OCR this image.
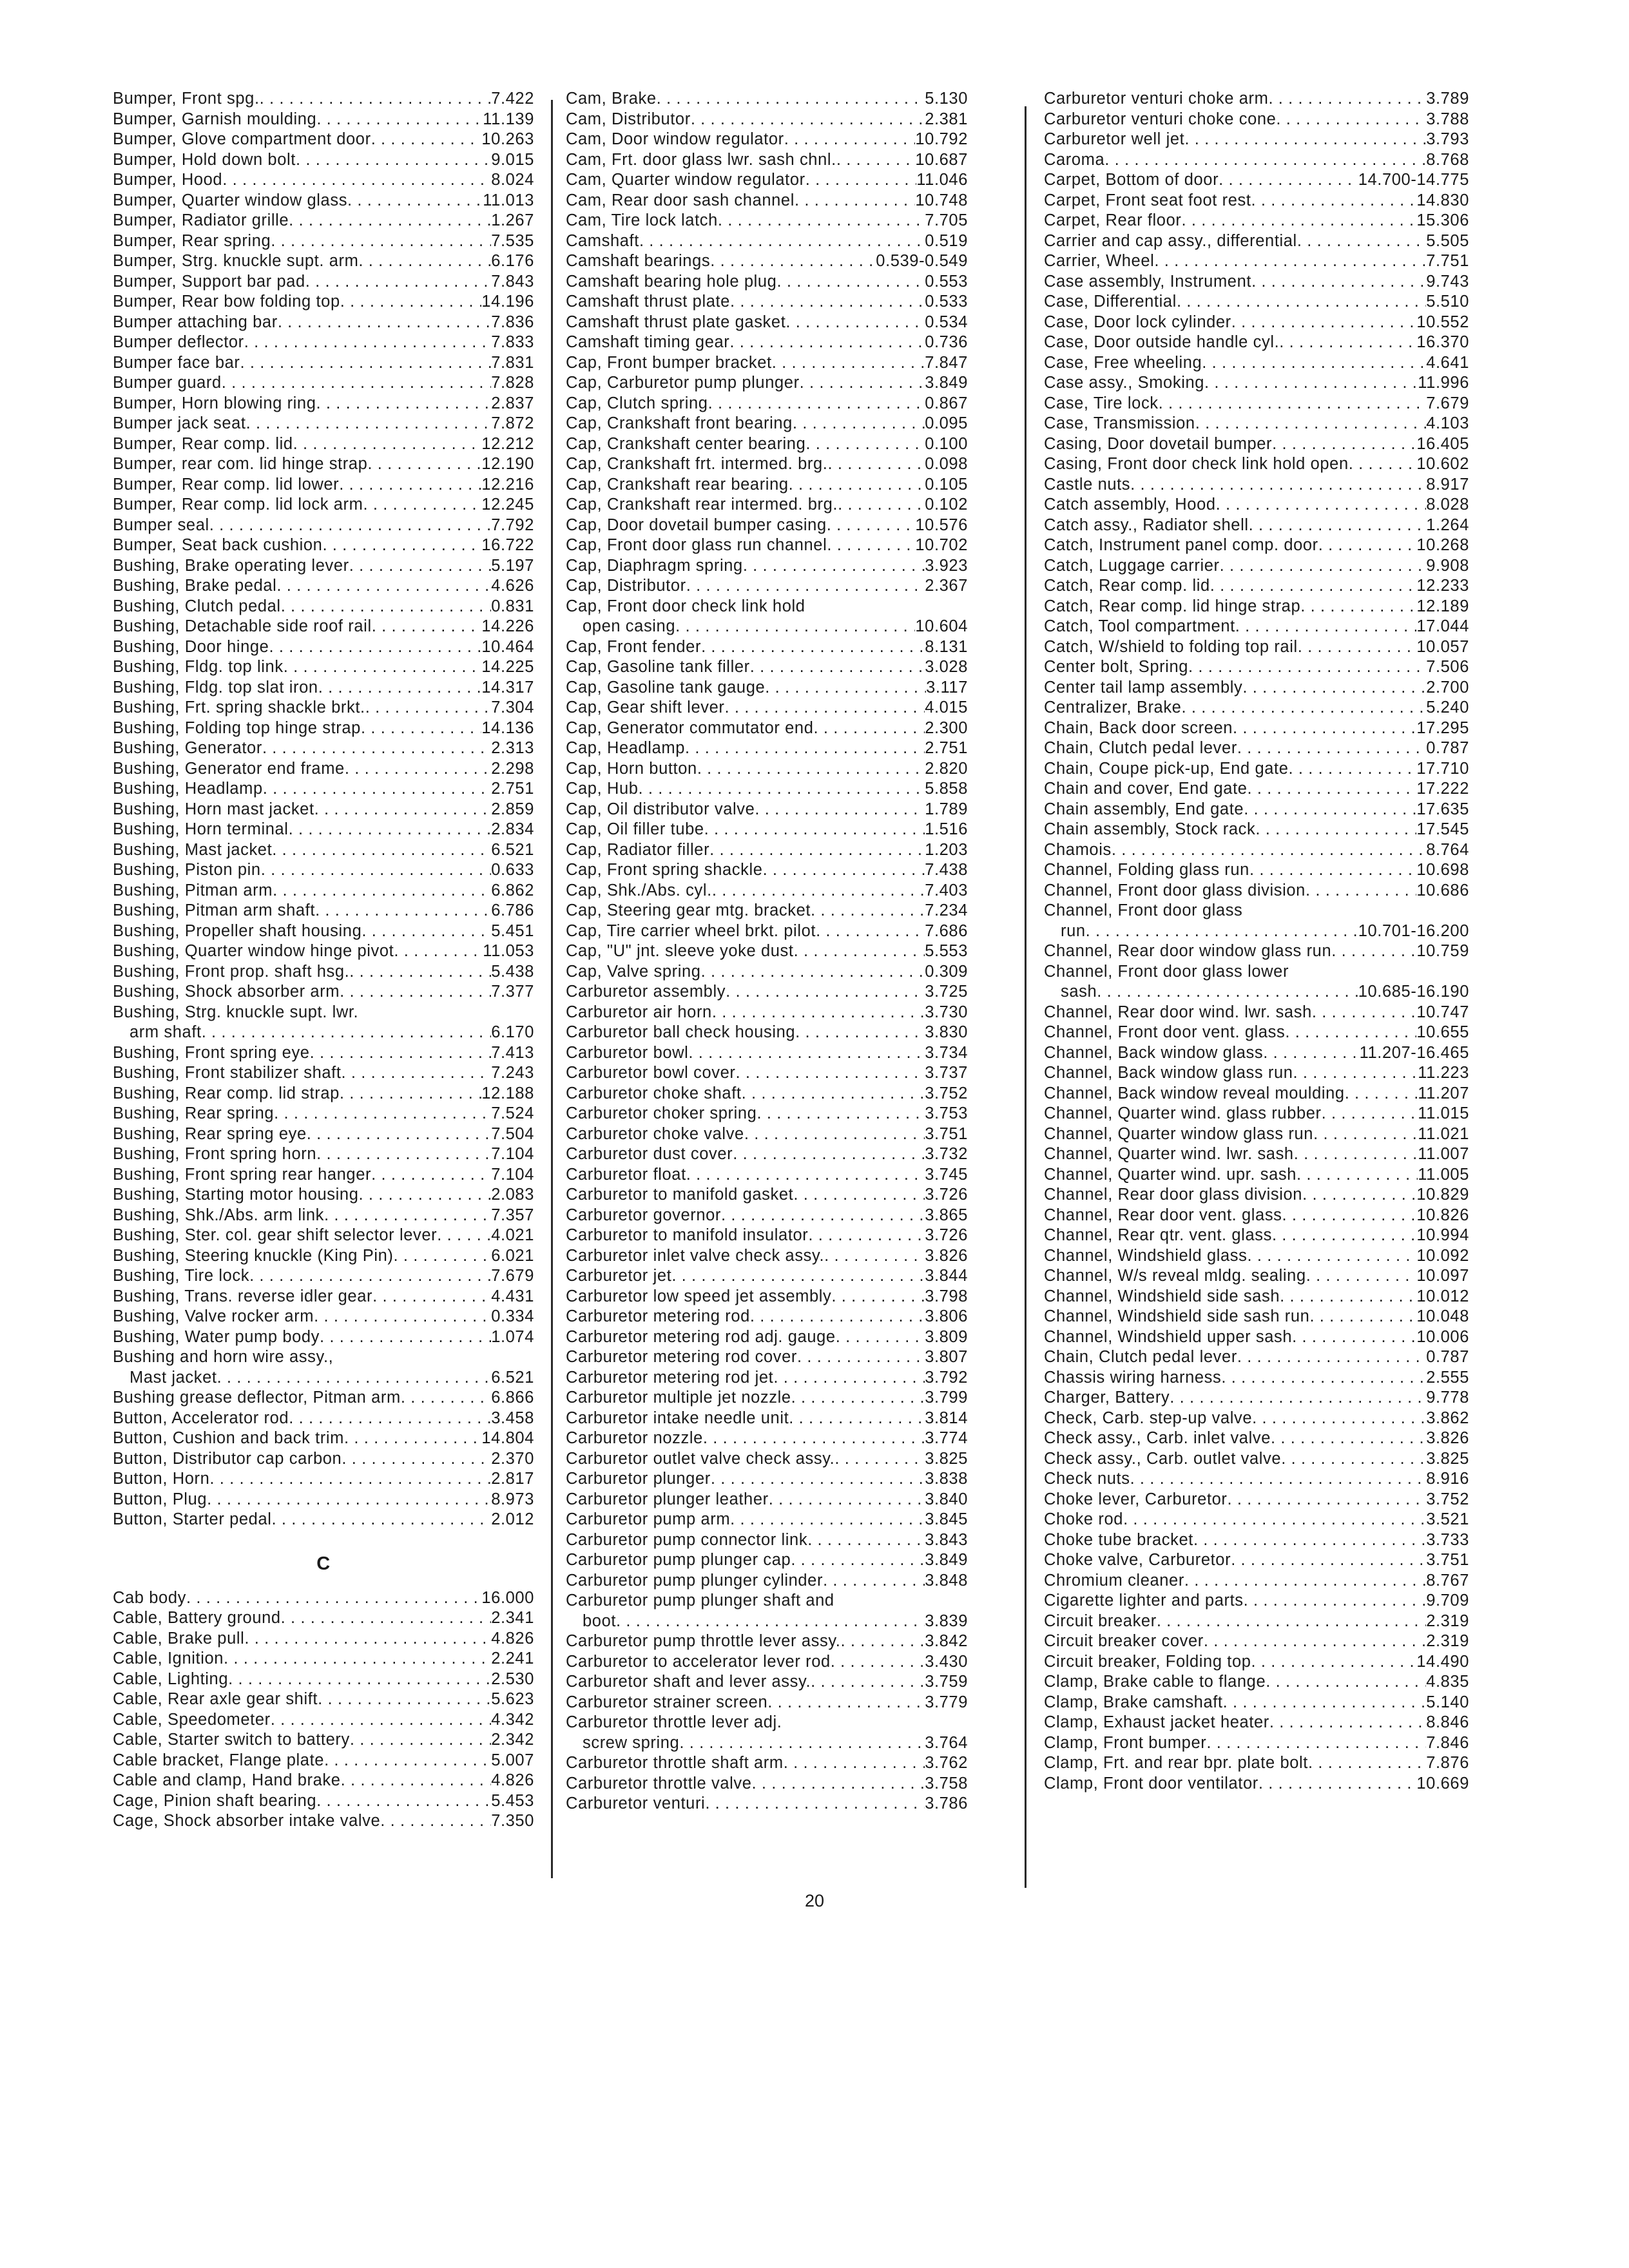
Bumper, Front spg. . . .	7.422
Bumper, Garnish moulding . . .	11.139
Bumper, Glove compartment door . . .	10.263
Bumper, Hold down bolt . . .	9.015
Bumper, Hood . . .	8.024
Bumper, Quarter window glass . . .	11.013
Bumper, Radiator grille . . .	1.267
Bumper, Rear spring . . .	7.535
Bumper, Strg. knuckle supt. arm . . .	6.176
Bumper, Support bar pad . . .	7.843
Bumper, Rear bow folding top . . .	14.196
Bumper attaching bar . . .	7.836
Bumper deflector . . .	7.833
Bumper face bar . . .	7.831
Bumper guard . . .	7.828
Bumper, Horn blowing ring . . .	2.837
Bumper jack seat . . .	7.872
Bumper, Rear comp. lid . . .	12.212
Bumper, rear com. lid hinge strap . . .	12.190
Bumper, Rear comp. lid lower . . .	12.216
Bumper, Rear comp. lid lock arm . . .	12.245
Bumper seal . . .	7.792
Bumper, Seat back cushion . . .	16.722
Bushing, Brake operating lever . . .	5.197
Bushing, Brake pedal . . .	4.626
Bushing, Clutch pedal . . .	0.831
Bushing, Detachable side roof rail . . .	14.226
Bushing, Door hinge . . .	10.464
Bushing, Fldg. top link . . .	14.225
Bushing, Fldg. top slat iron . . .	14.317
Bushing, Frt. spring shackle brkt. . . .	7.304
Bushing, Folding top hinge strap . . .	14.136
Bushing, Generator . . .	2.313
Bushing, Generator end frame . . .	2.298
Bushing, Headlamp . . .	2.751
Bushing, Horn mast jacket . . .	2.859
Bushing, Horn terminal . . .	2.834
Bushing, Mast jacket . . .	6.521
Bushing, Piston pin . . .	0.633
Bushing, Pitman arm . . .	6.862
Bushing, Pitman arm shaft . . .	6.786
Bushing, Propeller shaft housing . . .	5.451
Bushing, Quarter window hinge pivot . . .	11.053
Bushing, Front prop. shaft hsg. . . .	5.438
Bushing, Shock absorber arm . . .	7.377
Bushing, Strg. knuckle supt. lwr.
arm shaft . . .	6.170
Bushing, Front spring eye . . .	7.413
Bushing, Front stabilizer shaft . . .	7.243
Bushing, Rear comp. lid strap . . .	12.188
Bushing, Rear spring . . .	7.524
Bushing, Rear spring eye . . .	7.504
Bushing, Front spring horn . . .	7.104
Bushing, Front spring rear hanger . . .	7.104
Bushing, Starting motor housing . . .	2.083
Bushing, Shk./Abs. arm link . . .	7.357
Bushing, Ster. col. gear shift selector lever . . .	4.021
Bushing, Steering knuckle (King Pin) . . .	6.021
Bushing, Tire lock . . .	7.679
Bushing, Trans. reverse idler gear . . .	4.431
Bushing, Valve rocker arm . . .	0.334
Bushing, Water pump body . . .	1.074
Bushing and horn wire assy.,
Mast jacket . . .	6.521
Bushing grease deflector, Pitman arm . . .	6.866
Button, Accelerator rod . . .	3.458
Button, Cushion and back trim . . .	14.804
Button, Distributor cap carbon . . .	2.370
Button, Horn . . .	2.817
Button, Plug . . .	8.973
Button, Starter pedal . . .	2.012
C
Cab body . . .	16.000
Cable, Battery ground . . .	2.341
Cable, Brake pull . . .	4.826
Cable, Ignition . . .	2.241
Cable, Lighting . . .	2.530
Cable, Rear axle gear shift . . .	5.623
Cable, Speedometer . . .	4.342
Cable, Starter switch to battery . . .	2.342
Cable bracket, Flange plate . . .	5.007
Cable and clamp, Hand brake . . .	4.826
Cage, Pinion shaft bearing . . .	5.453
Cage, Shock absorber intake valve . . .	7.350
Cam, Brake . . .	5.130
Cam, Distributor . . .	2.381
Cam, Door window regulator . . .	10.792
Cam, Frt. door glass lwr. sash chnl. . . .	10.687
Cam, Quarter window regulator . . .	11.046
Cam, Rear door sash channel . . .	10.748
Cam, Tire lock latch . . .	7.705
Camshaft . . .	0.519
Camshaft bearings . . .	0.539-0.549
Camshaft bearing hole plug . . .	0.553
Camshaft thrust plate . . .	0.533
Camshaft thrust plate gasket . . .	0.534
Camshaft timing gear . . .	0.736
Cap, Front bumper bracket . . .	7.847
Cap, Carburetor pump plunger . . .	3.849
Cap, Clutch spring . . .	0.867
Cap, Crankshaft front bearing . . .	0.095
Cap, Crankshaft center bearing . . .	0.100
Cap, Crankshaft frt. intermed. brg. . . .	0.098
Cap, Crankshaft rear bearing . . .	0.105
Cap, Crankshaft rear intermed. brg. . . .	0.102
Cap, Door dovetail bumper casing . . .	10.576
Cap, Front door glass run channel . . .	10.702
Cap, Diaphragm spring . . .	3.923
Cap, Distributor . . .	2.367
Cap, Front door check link hold
open casing . . .	10.604
Cap, Front fender . . .	8.131
Cap, Gasoline tank filler . . .	3.028
Cap, Gasoline tank gauge . . .	3.117
Cap, Gear shift lever . . .	4.015
Cap, Generator commutator end . . .	2.300
Cap, Headlamp . . .	2.751
Cap, Horn button . . .	2.820
Cap, Hub . . .	5.858
Cap, Oil distributor valve . . .	1.789
Cap, Oil filler tube . . .	1.516
Cap, Radiator filler . . .	1.203
Cap, Front spring shackle . . .	7.438
Cap, Shk./Abs. cyl. . . .	7.403
Cap, Steering gear mtg. bracket . . .	7.234
Cap, Tire carrier wheel brkt. pilot . . .	7.686
Cap, "U" jnt. sleeve yoke dust . . .	5.553
Cap, Valve spring . . .	0.309
Carburetor assembly . . .	3.725
Carburetor air horn . . .	3.730
Carburetor ball check housing . . .	3.830
Carburetor bowl . . .	3.734
Carburetor bowl cover . . .	3.737
Carburetor choke shaft . . .	3.752
Carburetor choker spring . . .	3.753
Carburetor choke valve . . .	3.751
Carburetor dust cover . . .	3.732
Carburetor float . . .	3.745
Carburetor to manifold gasket . . .	3.726
Carburetor governor . . .	3.865
Carburetor to manifold insulator . . .	3.726
Carburetor inlet valve check assy. . . .	3.826
Carburetor jet . . .	3.844
Carburetor low speed jet assembly . . .	3.798
Carburetor metering rod . . .	3.806
Carburetor metering rod adj. gauge . . .	3.809
Carburetor metering rod cover . . .	3.807
Carburetor metering rod jet . . .	3.792
Carburetor multiple jet nozzle . . .	3.799
Carburetor intake needle unit . . .	3.814
Carburetor nozzle . . .	3.774
Carburetor outlet valve check assy. . . .	3.825
Carburetor plunger . . .	3.838
Carburetor plunger leather . . .	3.840
Carburetor pump arm . . .	3.845
Carburetor pump connector link . . .	3.843
Carburetor pump plunger cap . . .	3.849
Carburetor pump plunger cylinder . . .	3.848
Carburetor pump plunger shaft and
boot . . .	3.839
Carburetor pump throttle lever assy. . . .	3.842
Carburetor to accelerator lever rod . . .	3.430
Carburetor shaft and lever assy. . . .	3.759
Carburetor strainer screen . . .	3.779
Carburetor throttle lever adj.
screw spring . . .	3.764
Carburetor throttle shaft arm . . .	3.762
Carburetor throttle valve . . .	3.758
Carburetor venturi . . .	3.786
Carburetor venturi choke arm . . .	3.789
Carburetor venturi choke cone . . .	3.788
Carburetor well jet . . .	3.793
Caroma . . .	8.768
Carpet, Bottom of door . . .	14.700-14.775
Carpet, Front seat foot rest . . .	14.830
Carpet, Rear floor . . .	15.306
Carrier and cap assy., differential . . .	5.505
Carrier, Wheel . . .	7.751
Case assembly, Instrument . . .	9.743
Case, Differential . . .	5.510
Case, Door lock cylinder . . .	10.552
Case, Door outside handle cyl. . . .	16.370
Case, Free wheeling . . .	4.641
Case assy., Smoking . . .	11.996
Case, Tire lock . . .	7.679
Case, Transmission . . .	4.103
Casing, Door dovetail bumper . . .	16.405
Casing, Front door check link hold open . . .	10.602
Castle nuts . . .	8.917
Catch assembly, Hood . . .	8.028
Catch assy., Radiator shell . . .	1.264
Catch, Instrument panel comp. door . . .	10.268
Catch, Luggage carrier . . .	9.908
Catch, Rear comp. lid . . .	12.233
Catch, Rear comp. lid hinge strap . . .	12.189
Catch, Tool compartment . . .	17.044
Catch, W/shield to folding top rail . . .	10.057
Center bolt, Spring . . .	7.506
Center tail lamp assembly . . .	2.700
Centralizer, Brake . . .	5.240
Chain, Back door screen . . .	17.295
Chain, Clutch pedal lever . . .	0.787
Chain, Coupe pick-up, End gate . . .	17.710
Chain and cover, End gate . . .	17.222
Chain assembly, End gate . . .	17.635
Chain assembly, Stock rack . . .	17.545
Chamois . . .	8.764
Channel, Folding glass run . . .	10.698
Channel, Front door glass division . . .	10.686
Channel, Front door glass
run . . .	10.701-16.200
Channel, Rear door window glass run . . .	10.759
Channel, Front door glass lower
sash . . .	10.685-16.190
Channel, Rear door wind. lwr. sash . . .	10.747
Channel, Front door vent. glass . . .	10.655
Channel, Back window glass . . .	11.207-16.465
Channel, Back window glass run . . .	11.223
Channel, Back window reveal moulding . . .	11.207
Channel, Quarter wind. glass rubber . . .	11.015
Channel, Quarter window glass run . . .	11.021
Channel, Quarter wind. lwr. sash . . .	11.007
Channel, Quarter wind. upr. sash . . .	11.005
Channel, Rear door glass division . . .	10.829
Channel, Rear door vent. glass . . .	10.826
Channel, Rear qtr. vent. glass . . .	10.994
Channel, Windshield glass . . .	10.092
Channel, W/s reveal mldg. sealing . . .	10.097
Channel, Windshield side sash . . .	10.012
Channel, Windshield side sash run . . .	10.048
Channel, Windshield upper sash . . .	10.006
Chain, Clutch pedal lever . . .	0.787
Chassis wiring harness . . .	2.555
Charger, Battery . . .	9.778
Check, Carb. step-up valve . . .	3.862
Check assy., Carb. inlet valve . . .	3.826
Check assy., Carb. outlet valve . . .	3.825
Check nuts . . .	8.916
Choke lever, Carburetor . . .	3.752
Choke rod . . .	3.521
Choke tube bracket . . .	3.733
Choke valve, Carburetor . . .	3.751
Chromium cleaner . . .	8.767
Cigarette lighter and parts . . .	9.709
Circuit breaker . . .	2.319
Circuit breaker cover . . .	2.319
Circuit breaker, Folding top . . .	14.490
Clamp, Brake cable to flange . . .	4.835
Clamp, Brake camshaft . . .	5.140
Clamp, Exhaust jacket heater . . .	8.846
Clamp, Front bumper . . .	7.846
Clamp, Frt. and rear bpr. plate bolt . . .	7.876
Clamp, Front door ventilator . . .	10.669
20
